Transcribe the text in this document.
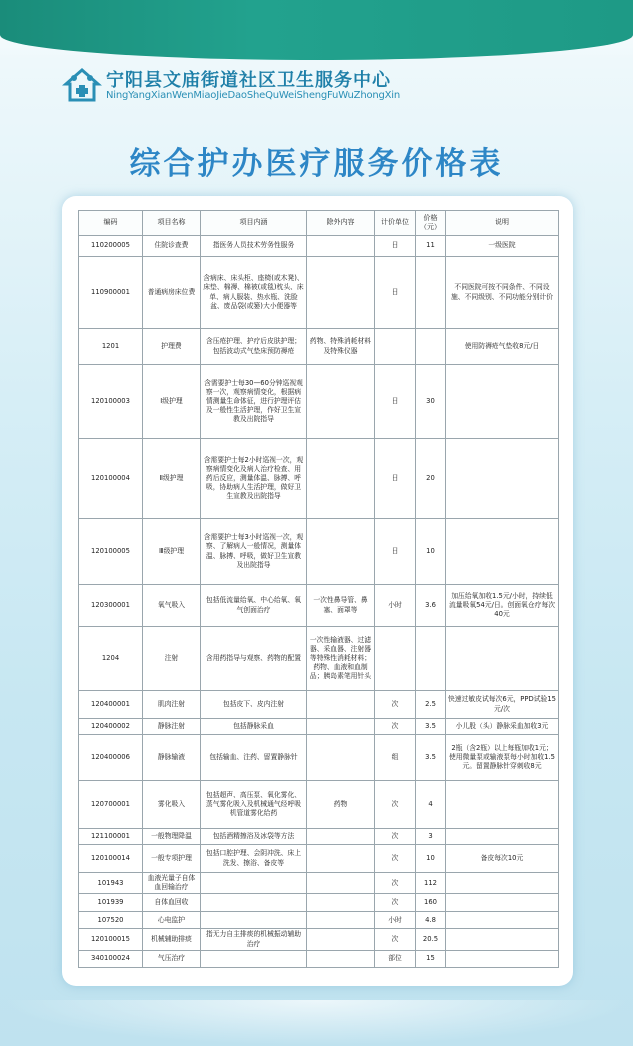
宁阳县文庙街道社区卫生服务中心
NingYangXianWenMiaoJieDaoSheQuWeiShengFuWuZhongXin
综合护办医疗服务价格表
编码	项目名称	项目内涵	除外内容	计价单位	价格（元）	说明
110200005	住院诊查费	指医务人员技术劳务性服务		日	11	一级医院
110900001	普通病房床位费	含病床、床头柜、座椅(或木凳)、床垫、棉褥、棉被(或毯)枕头、床单、病人服装、热水瓶、洗脸盆、废品袋(或篓)大小便器等		日		不同医院可按不同条件、不同设施、不同级别、不同功能分别计价
1201	护理费	含压疮护理、护疗后皮肤护理；包括波动式气垫床预防褥疮	药物、特殊消耗材料及特殊仪器			使用防褥疮气垫收8元/日
120100003	Ⅰ级护理	含需要护士每30—60分钟巡视观察一次，观察病情变化，根据病情测量生命体征，进行护理评估及一般性生活护理，作好卫生宣教及出院指导		日	30	
120100004	Ⅱ级护理	含需要护士每2小时巡视一次，观察病情变化及病人治疗检查、用药后反应，测量体温、脉搏、呼吸，协助病人生活护理，做好卫生宣教及出院指导		日	20	
120100005	Ⅲ级护理	含需要护士每3小时巡视一次，观察、了解病人一般情况，测量体温、脉搏、呼吸，做好卫生宣教及出院指导		日	10	
120300001	氧气吸入	包括低流量给氧、中心给氧、氧气创面治疗	一次性鼻导管、鼻塞、面罩等	小时	3.6	加压给氧加收1.5元/小时，持续低流量吸氧54元/日。创面氧仓疗每次40元
1204	注射	含用药指导与观察、药物的配置	一次性输液器、过滤器、采血器、注射器等特殊性消耗材料；药物、血液和血制品；胰岛素笔用针头			
120400001	肌肉注射	包括皮下、皮内注射		次	2.5	快速过敏皮试每次6元，PPD试验15元/次
120400002	静脉注射	包括静脉采血		次	3.5	小儿股（头）静脉采血加收3元
120400006	静脉输液	包括输血、注药、留置静脉针		组	3.5	2瓶（含2瓶）以上每瓶加收1元；使用微量泵或输液泵每小时加收1.5元。留置静脉针穿刺收8元
120700001	雾化吸入	包括超声、高压泵、氧化雾化、蒸气雾化吸入及机械通气经呼吸机管道雾化给药	药物	次	4	
121100001	一般物理降温	包括酒精擦浴及冰袋等方法		次	3	
120100014	一般专项护理	包括口腔护理、会阴冲洗、床上洗发、擦浴、备皮等		次	10	备皮每次10元
101943	血液光量子自体血回输治疗			次	112	
101939	自体血回收			次	160	
107520	心电监护			小时	4.8	
120100015	机械辅助排痰	指无力自主排痰的机械振动辅助治疗		次	20.5	
340100024	气压治疗			部位	15	
